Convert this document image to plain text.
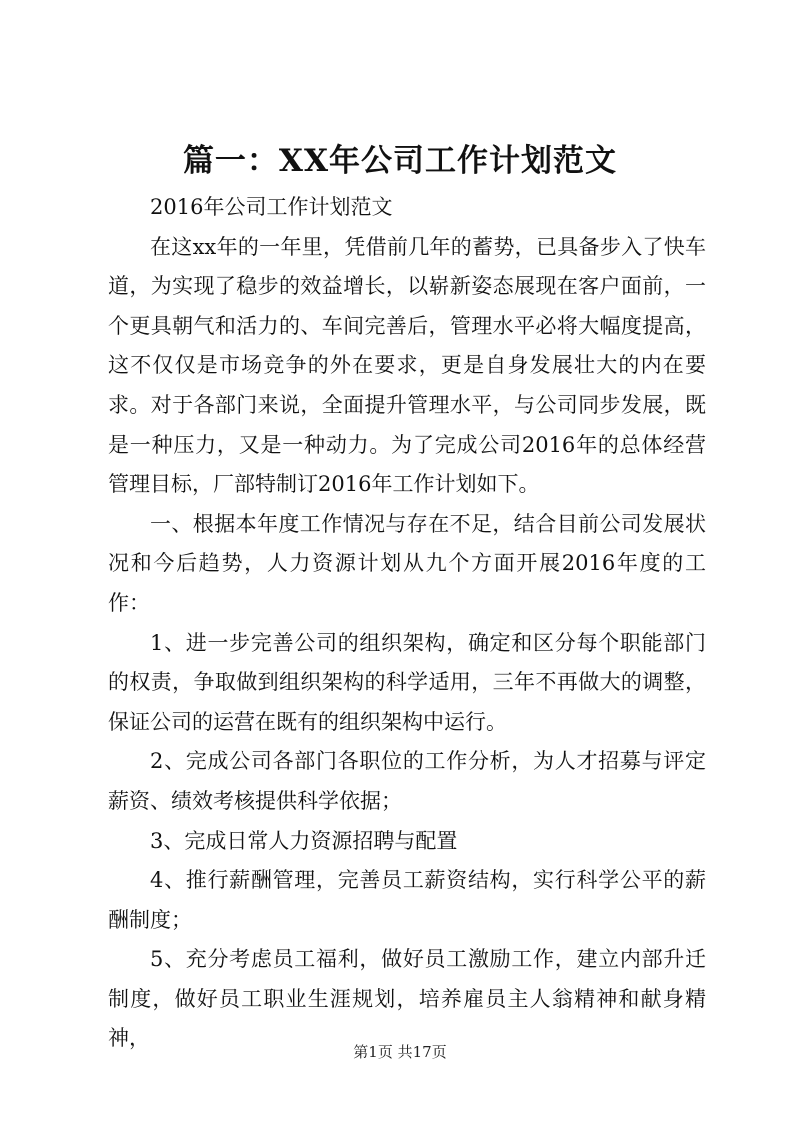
篇一：XX年公司工作计划范文

2016年公司工作计划范文

在这xx年的一年里，凭借前几年的蓄势，已具备步入了快车道，为实现了稳步的效益增长，以崭新姿态展现在客户面前，一个更具朝气和活力的、车间完善后，管理水平必将大幅度提高，这不仅仅是市场竞争的外在要求，更是自身发展壮大的内在要求。对于各部门来说，全面提升管理水平，与公司同步发展，既是一种压力，又是一种动力。为了完成公司2016年的总体经营管理目标，厂部特制订2016年工作计划如下。

一、根据本年度工作情况与存在不足，结合目前公司发展状况和今后趋势，人力资源计划从九个方面开展2016年度的工作：

1、进一步完善公司的组织架构，确定和区分每个职能部门的权责，争取做到组织架构的科学适用，三年不再做大的调整，保证公司的运营在既有的组织架构中运行。

2、完成公司各部门各职位的工作分析，为人才招募与评定薪资、绩效考核提供科学依据；

3、完成日常人力资源招聘与配置

4、推行薪酬管理，完善员工薪资结构，实行科学公平的薪酬制度；

5、充分考虑员工福利，做好员工激励工作，建立内部升迁制度，做好员工职业生涯规划，培养雇员主人翁精神和献身精神，

第1页 共17页
